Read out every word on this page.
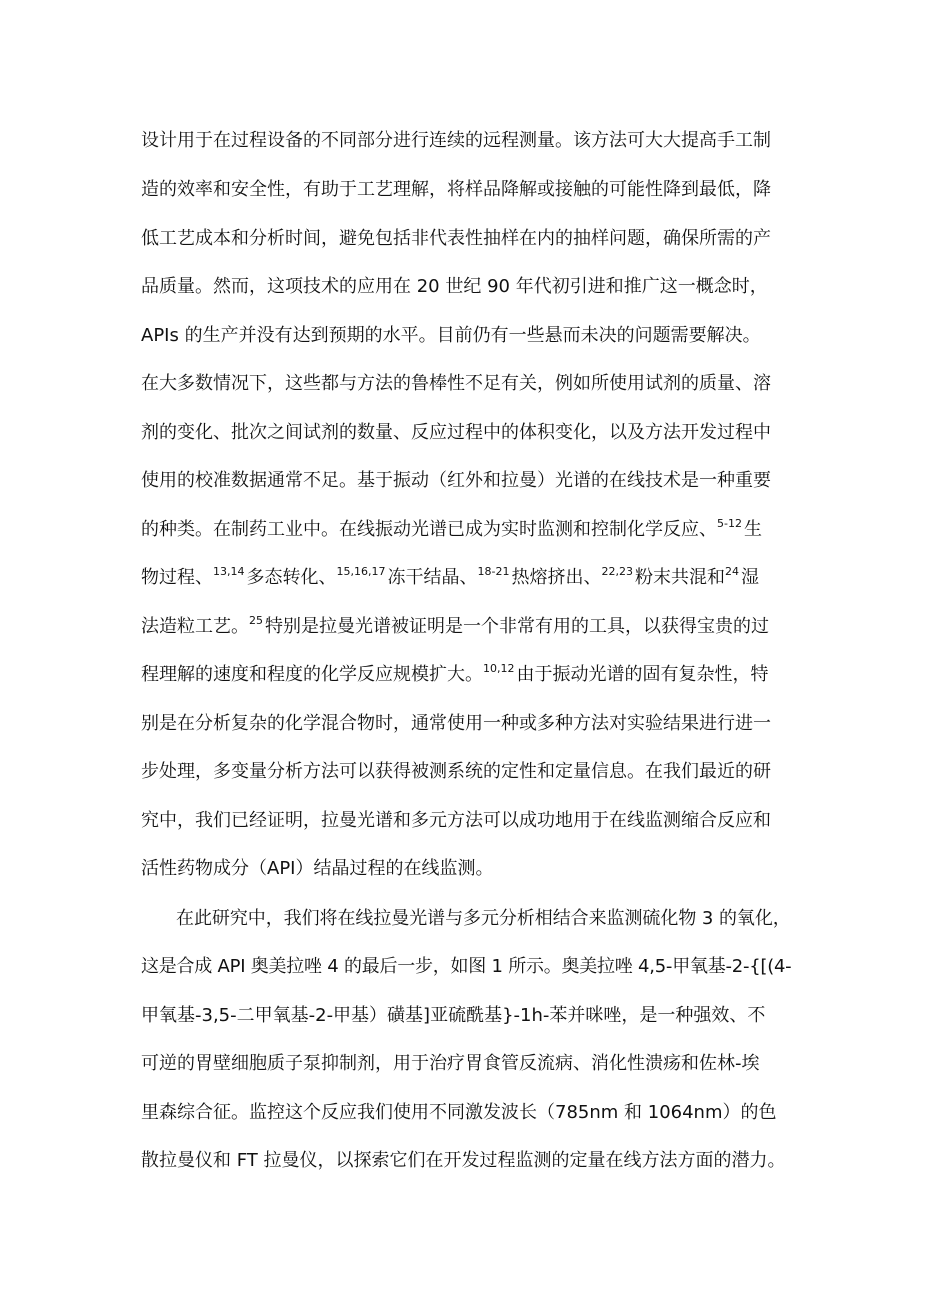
设计用于在过程设备的不同部分进行连续的远程测量。该方法可大大提高手工制
造的效率和安全性，有助于工艺理解，将样品降解或接触的可能性降到最低，降
低工艺成本和分析时间，避免包括非代表性抽样在内的抽样问题，确保所需的产
品质量。然而，这项技术的应用在 20 世纪 90 年代初引进和推广这一概念时，
APIs 的生产并没有达到预期的水平。目前仍有一些悬而未决的问题需要解决。
在大多数情况下，这些都与方法的鲁棒性不足有关，例如所使用试剂的质量、溶
剂的变化、批次之间试剂的数量、反应过程中的体积变化，以及方法开发过程中
使用的校准数据通常不足。基于振动（红外和拉曼）光谱的在线技术是一种重要
的种类。在制药工业中。在线振动光谱已成为实时监测和控制化学反应、$^{5-12}$ 生
物过程、$^{13,14}$ 多态转化、$^{15,16,17}$ 冻干结晶、$^{18-21}$ 热熔挤出、$^{22,23}$ 粉末共混和$^{24}$ 湿
法造粒工艺。$^{25}$ 特别是拉曼光谱被证明是一个非常有用的工具，以获得宝贵的过
程理解的速度和程度的化学反应规模扩大。$^{10,12}$ 由于振动光谱的固有复杂性，特
别是在分析复杂的化学混合物时，通常使用一种或多种方法对实验结果进行进一
步处理，多变量分析方法可以获得被测系统的定性和定量信息。在我们最近的研
究中，我们已经证明，拉曼光谱和多元方法可以成功地用于在线监测缩合反应和
活性药物成分（API）结晶过程的在线监测。
在此研究中，我们将在线拉曼光谱与多元分析相结合来监测硫化物 3 的氧化，
这是合成 API 奥美拉唑 4 的最后一步，如图 1 所示。奥美拉唑 4,5-甲氧基-2-{[(4-
甲氧基-3,5-二甲氧基-2-甲基）磺基]亚硫酰基}-1h-苯并咪唑，是一种强效、不
可逆的胃壁细胞质子泵抑制剂，用于治疗胃食管反流病、消化性溃疡和佐林-埃
里森综合征。监控这个反应我们使用不同激发波长（785nm 和 1064nm）的色
散拉曼仪和 FT 拉曼仪，以探索它们在开发过程监测的定量在线方法方面的潜力。
